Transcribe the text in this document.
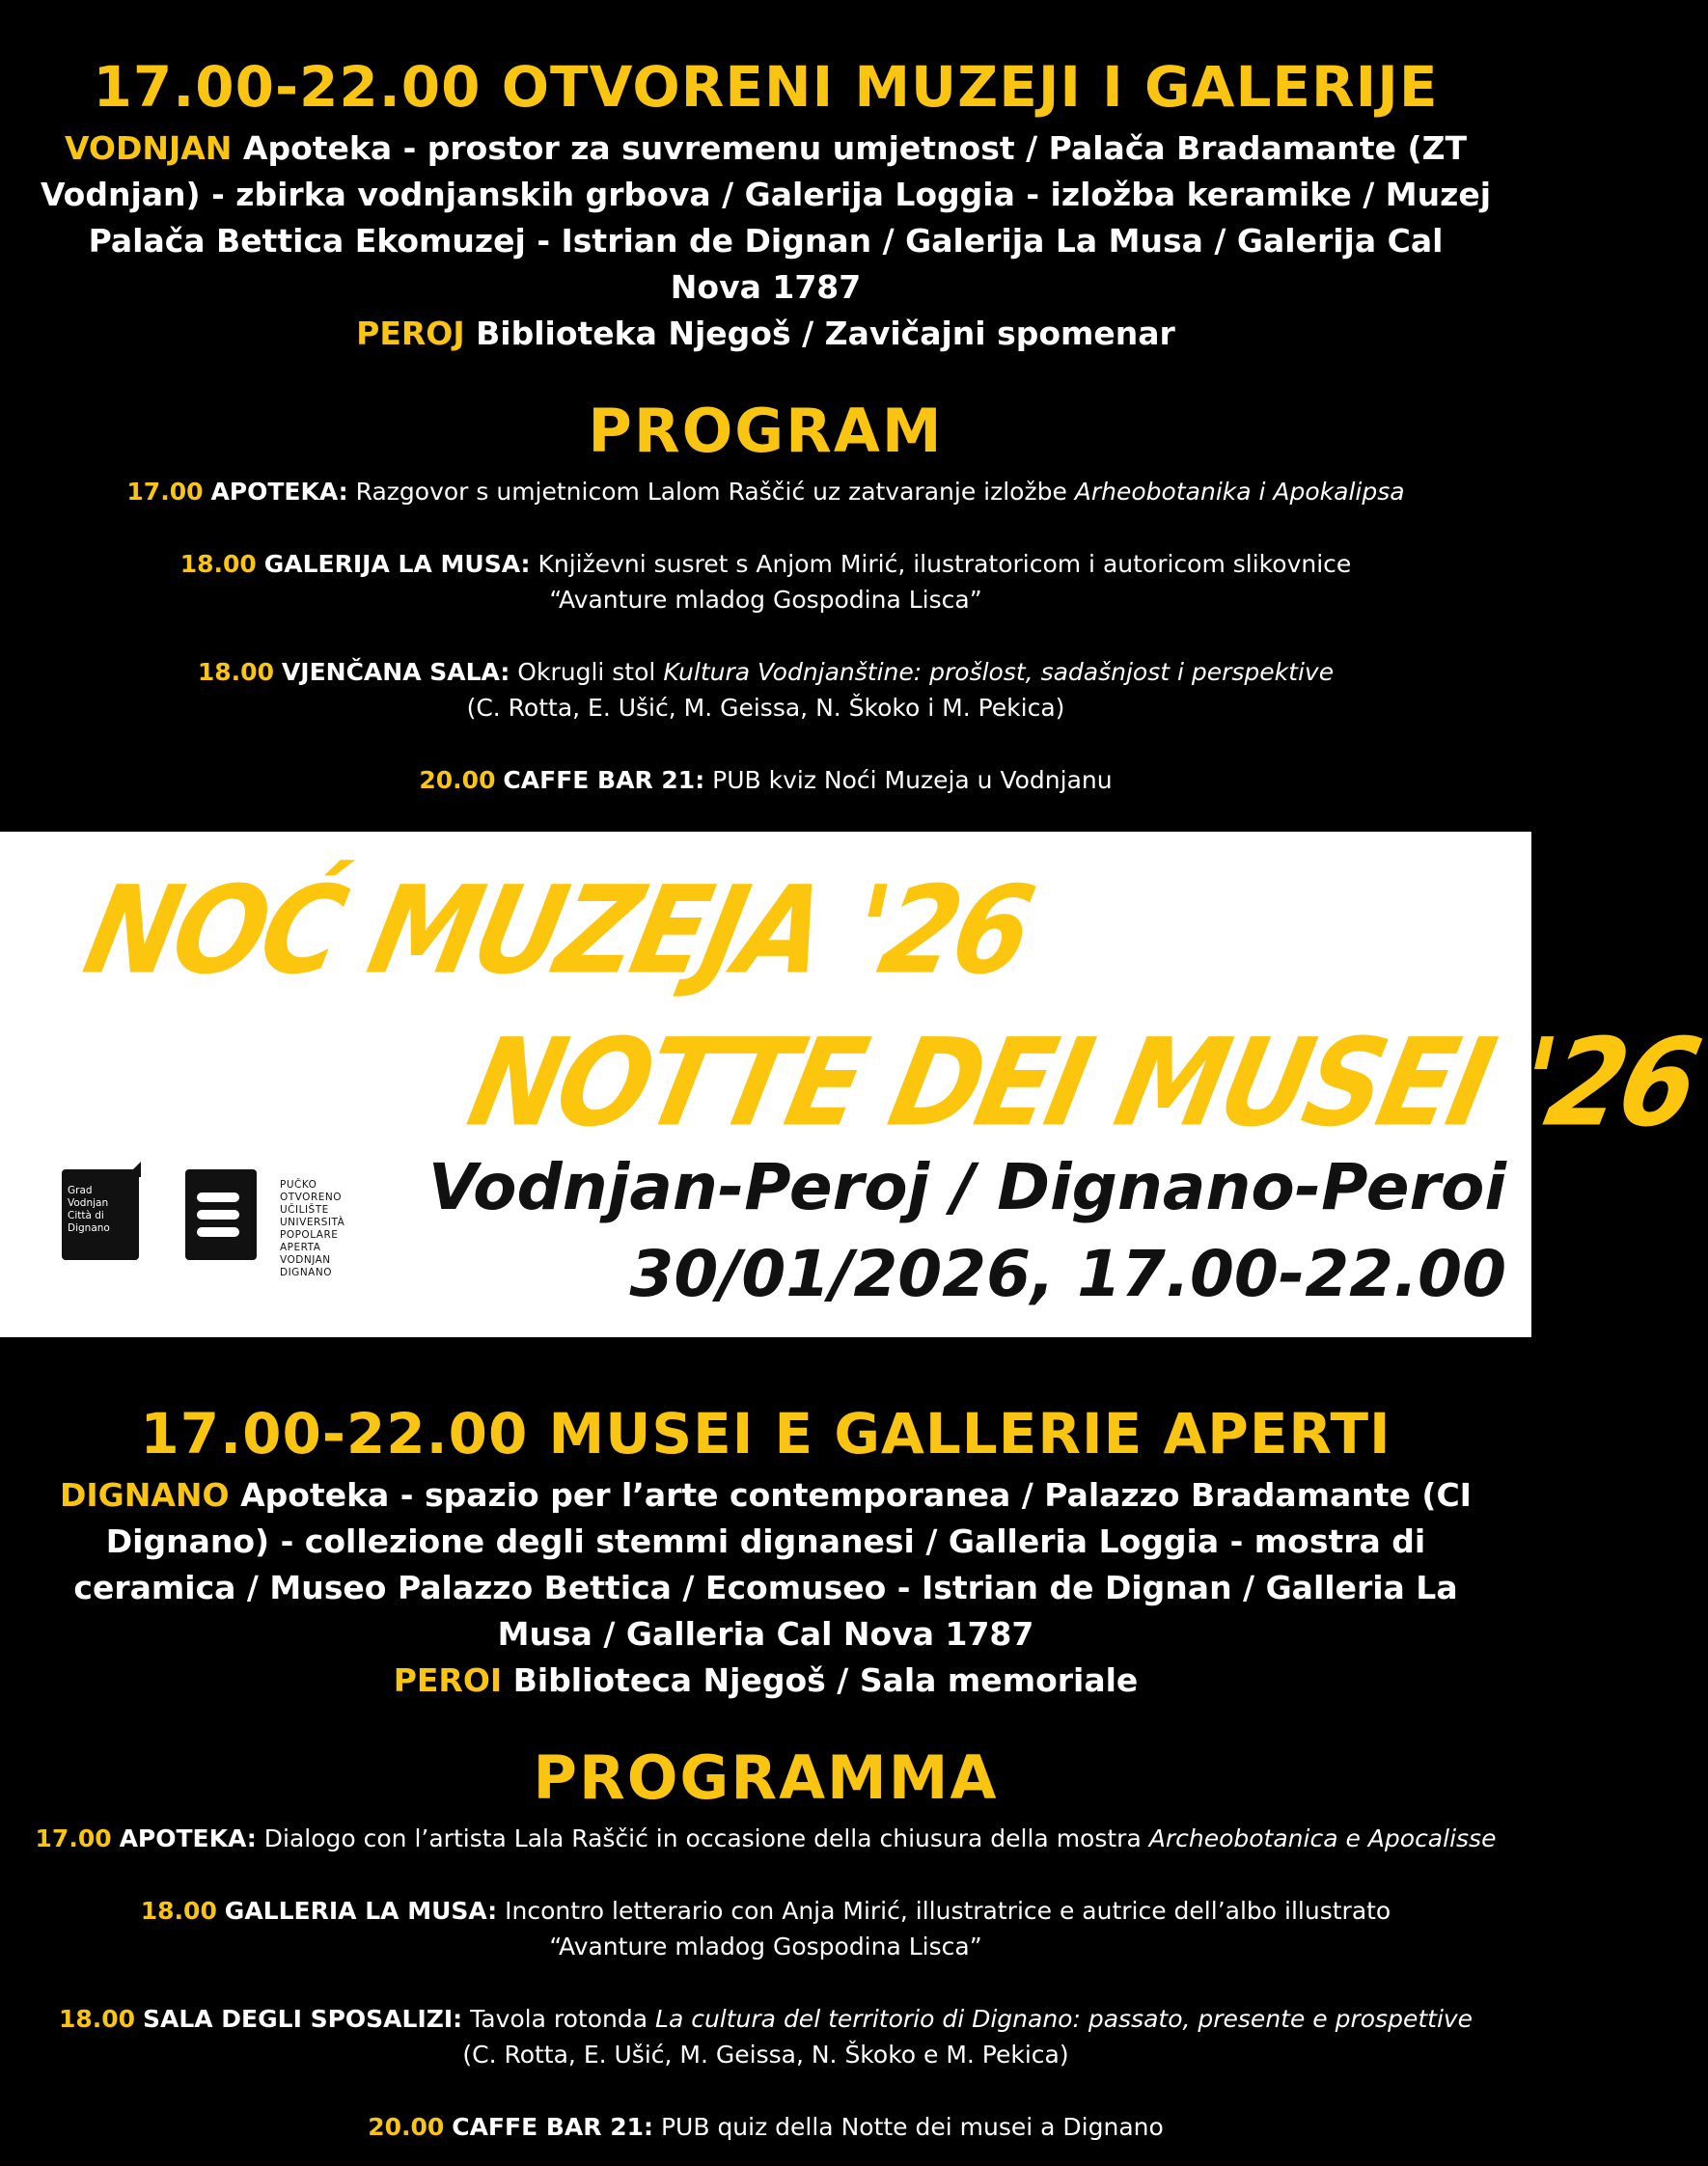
17.00-22.00 OTVORENI MUZEJI I GALERIJE
VODNJAN Apoteka - prostor za suvremenu umjetnost / Palača Bradamante (ZT Vodnjan) - zbirka vodnjanskih grbova / Galerija Loggia - izložba keramike / Muzej Palača Bettica Ekomuzej - Istrian de Dignan / Galerija La Musa / Galerija Cal Nova 1787
PEROJ Biblioteka Njegoš / Zavičajni spomenar
PROGRAM
17.00 APOTEKA: Razgovor s umjetnicom Lalom Raščić uz zatvaranje izložbe Arheobotanika i Apokalipsa
18.00 GALERIJA LA MUSA: Književni susret s Anjom Mirić, ilustratoricom i autoricom slikovnice
“Avanture mladog Gospodina Lisca”
18.00 VJENČANA SALA: Okrugli stol Kultura Vodnjanštine: prošlost, sadašnjost i perspektive
(C. Rotta, E. Ušić, M. Geissa, N. Škoko i M. Pekica)
20.00 CAFFE BAR 21: PUB kviz Noći Muzeja u Vodnjanu
NOĆ MUZEJA '26
NOTTE DEI MUSEI '26
Vodnjan-Peroj / Dignano-Peroi
30/01/2026, 17.00-22.00
Grad Vodnjan Città di Dignano
PUČKO OTVORENO UČILIŠTE UNIVERSITÀ POPOLARE APERTA VODNJAN DIGNANO
17.00-22.00 MUSEI E GALLERIE APERTI
DIGNANO Apoteka - spazio per l’arte contemporanea / Palazzo Bradamante (CI Dignano) - collezione degli stemmi dignanesi / Galleria Loggia - mostra di ceramica / Museo Palazzo Bettica / Ecomuseo - Istrian de Dignan / Galleria La Musa / Galleria Cal Nova 1787
PEROI Biblioteca Njegoš / Sala memoriale
PROGRAMMA
17.00 APOTEKA: Dialogo con l’artista Lala Raščić in occasione della chiusura della mostra Archeobotanica e Apocalisse
18.00 GALLERIA LA MUSA: Incontro letterario con Anja Mirić, illustratrice e autrice dell’albo illustrato
“Avanture mladog Gospodina Lisca”
18.00 SALA DEGLI SPOSALIZI: Tavola rotonda La cultura del territorio di Dignano: passato, presente e prospettive
(C. Rotta, E. Ušić, M. Geissa, N. Škoko e M. Pekica)
20.00 CAFFE BAR 21: PUB quiz della Notte dei musei a Dignano
